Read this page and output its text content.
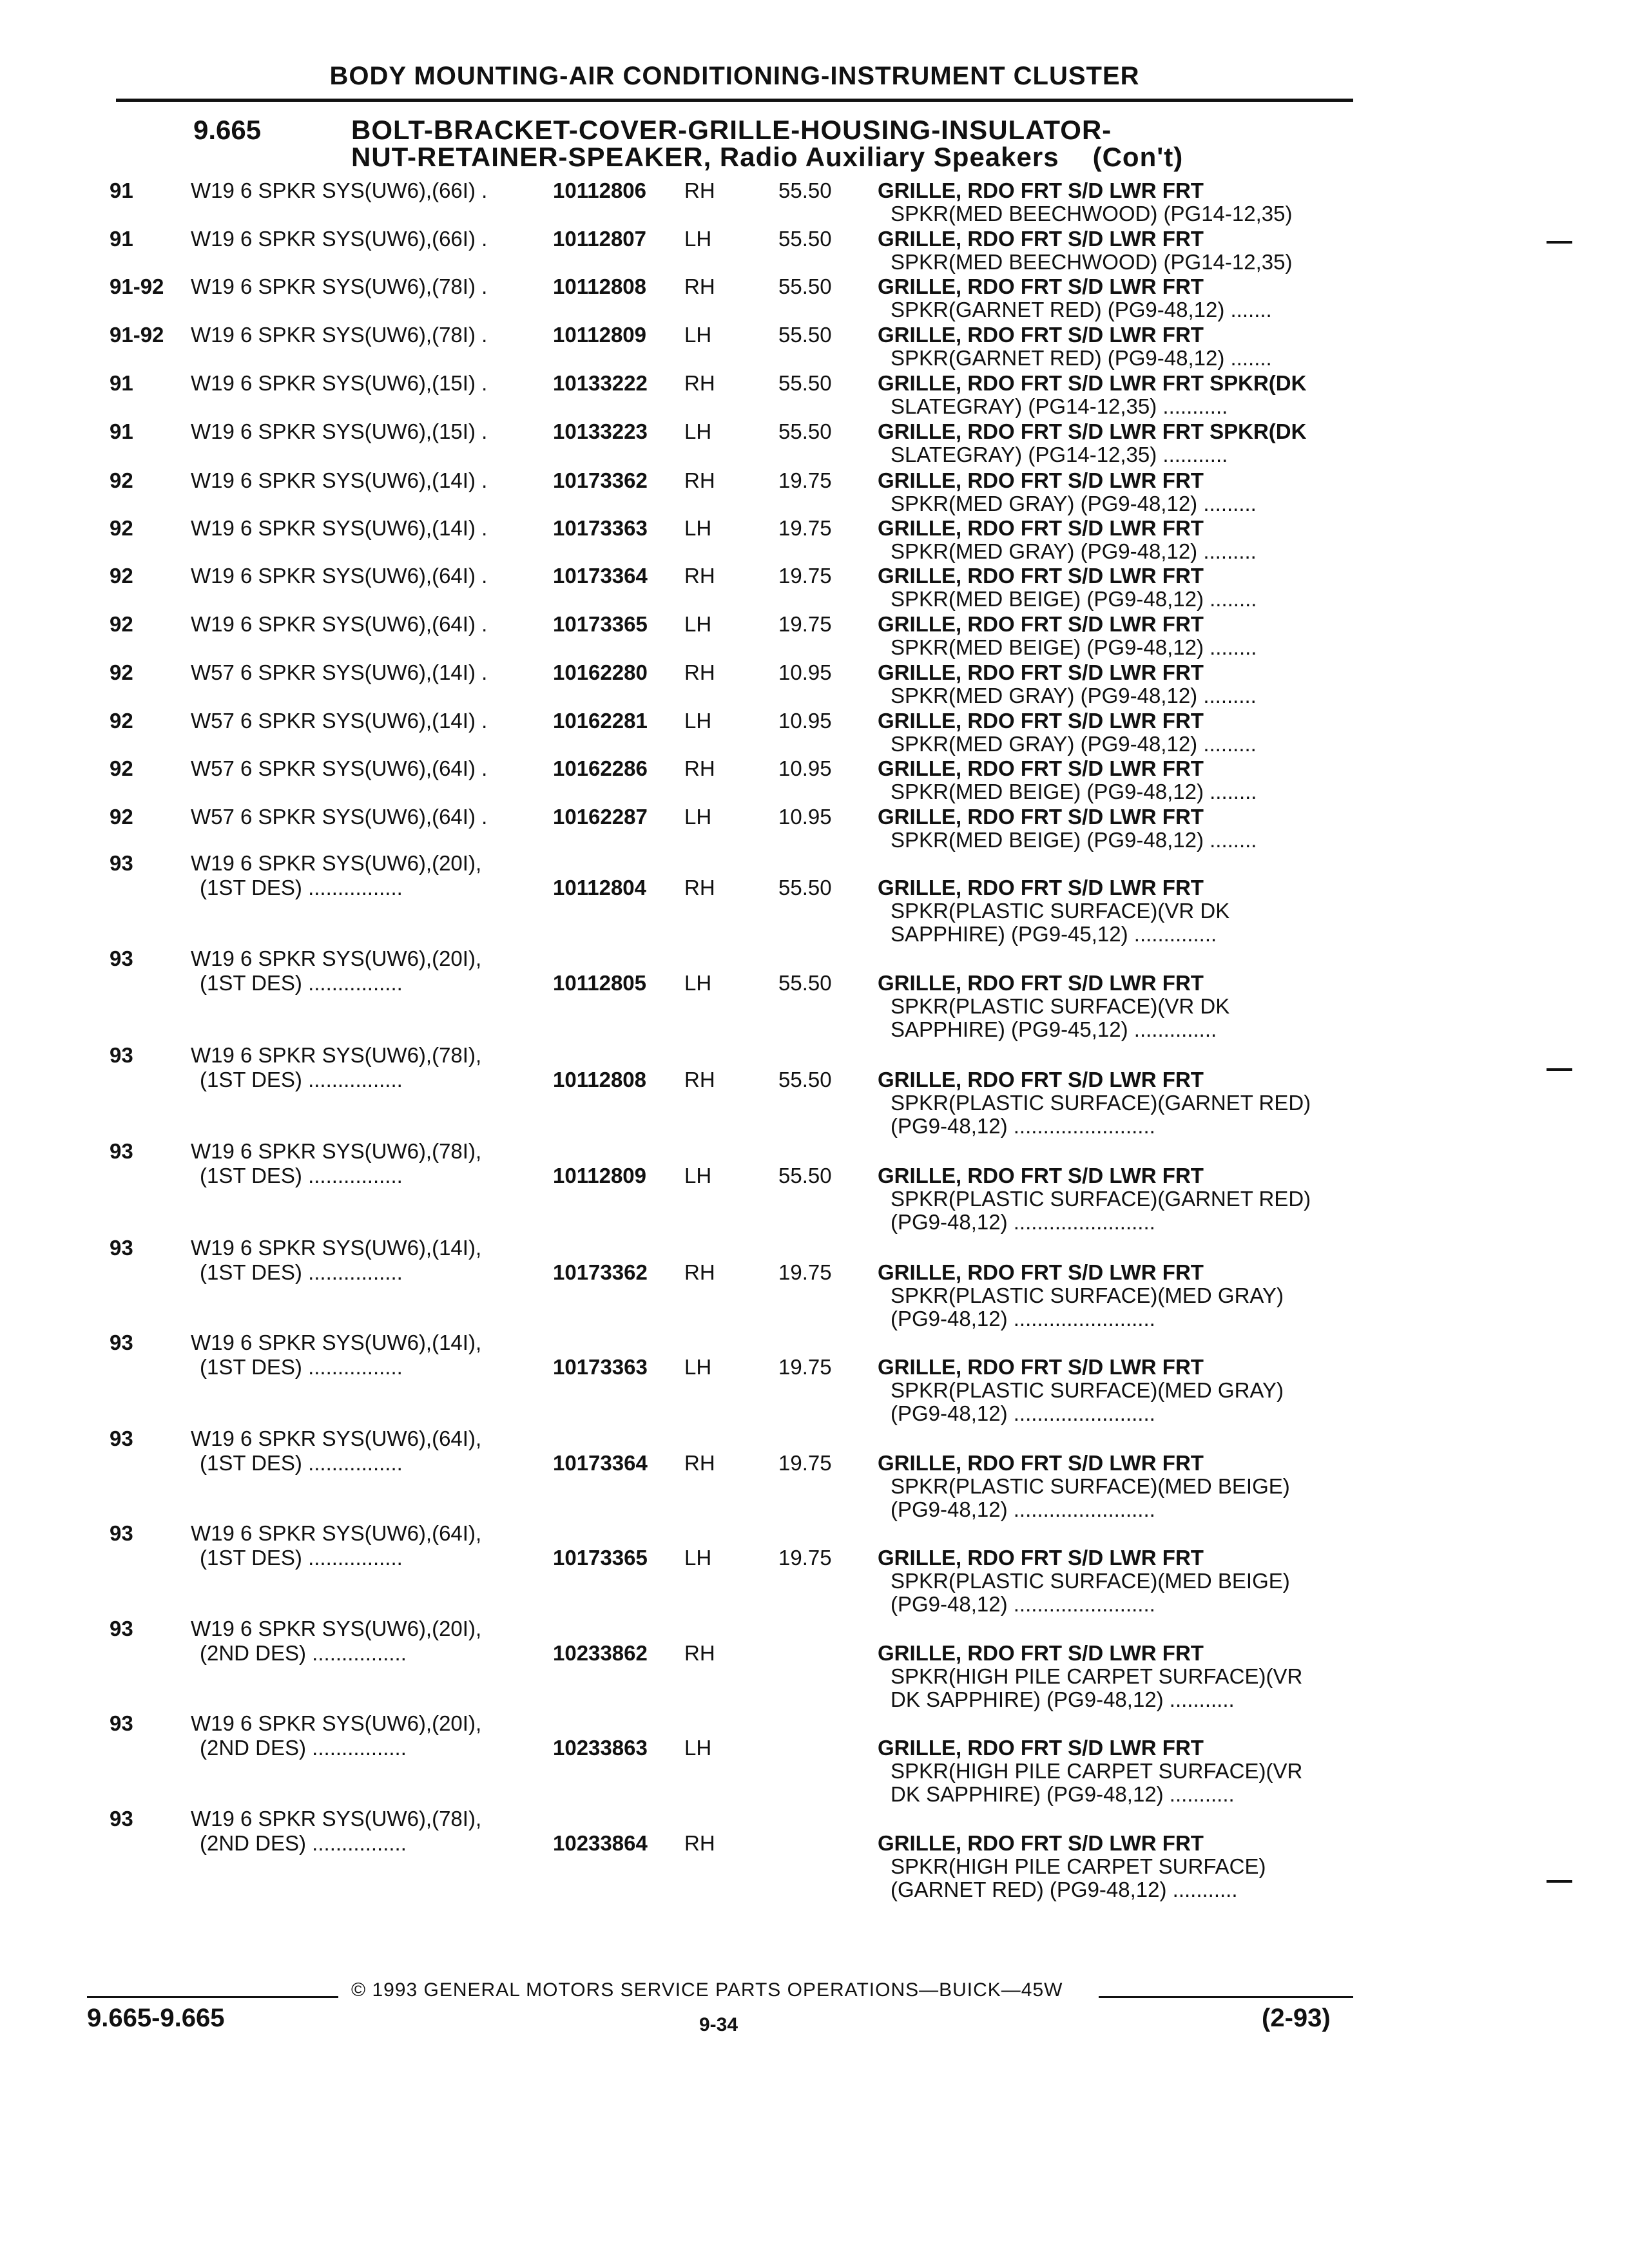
BODY MOUNTING-AIR CONDITIONING-INSTRUMENT CLUSTER
9.665	BOLT-BRACKET-COVER-GRILLE-HOUSING-INSULATOR-
NUT-RETAINER-SPEAKER, Radio Auxiliary Speakers (Con't)
91	W19 6 SPKR SYS(UW6),(66I) .	10112806 RH	55.50 GRILLE, RDO FRT S/D LWR FRT
SPKR(MED BEECHWOOD) (PG14-12,35)
91	W19 6 SPKR SYS(UW6),(66I) .	10112807 LH	55.50 GRILLE, RDO FRT S/D LWR FRT
SPKR(MED BEECHWOOD) (PG14-12,35)
91-92 W19 6 SPKR SYS(UW6),(78I) .	10112808 RH	55.50 GRILLE, RDO FRT S/D LWR FRT
SPKR(GARNET RED) (PG9-48,12) .......
91-92 W19 6 SPKR SYS(UW6),(78I) .	10112809 LH	55.50 GRILLE, RDO FRT S/D LWR FRT
SPKR(GARNET RED) (PG9-48,12) .......
91	W19 6 SPKR SYS(UW6),(15I) .	10133222 RH	55.50 GRILLE, RDO FRT S/D LWR FRT SPKR(DK
SLATEGRAY) (PG14-12,35) ...........
91	W19 6 SPKR SYS(UW6),(15I) .	10133223 LH	55.50 GRILLE, RDO FRT S/D LWR FRT SPKR(DK
SLATEGRAY) (PG14-12,35) ...........
92	W19 6 SPKR SYS(UW6),(14I) .	10173362 RH	19.75 GRILLE, RDO FRT S/D LWR FRT
SPKR(MED GRAY) (PG9-48,12) .........
92	W19 6 SPKR SYS(UW6),(14I) .	10173363 LH	19.75 GRILLE, RDO FRT S/D LWR FRT
SPKR(MED GRAY) (PG9-48,12) .........
92	W19 6 SPKR SYS(UW6),(64I) .	10173364 RH	19.75 GRILLE, RDO FRT S/D LWR FRT
SPKR(MED BEIGE) (PG9-48,12) ........
92	W19 6 SPKR SYS(UW6),(64I) .	10173365 LH	19.75 GRILLE, RDO FRT S/D LWR FRT
SPKR(MED BEIGE) (PG9-48,12) ........
92	W57 6 SPKR SYS(UW6),(14I) .	10162280 RH	10.95 GRILLE, RDO FRT S/D LWR FRT
SPKR(MED GRAY) (PG9-48,12) .........
92	W57 6 SPKR SYS(UW6),(14I) .	10162281 LH	10.95 GRILLE, RDO FRT S/D LWR FRT
SPKR(MED GRAY) (PG9-48,12) .........
92	W57 6 SPKR SYS(UW6),(64I) .	10162286 RH	10.95 GRILLE, RDO FRT S/D LWR FRT
SPKR(MED BEIGE) (PG9-48,12) ........
92	W57 6 SPKR SYS(UW6),(64I) .	10162287 LH	10.95 GRILLE, RDO FRT S/D LWR FRT
SPKR(MED BEIGE) (PG9-48,12) ........
93	W19 6 SPKR SYS(UW6),(20I),
(1ST DES) ................	10112804 RH	55.50 GRILLE, RDO FRT S/D LWR FRT
SPKR(PLASTIC SURFACE)(VR DK
SAPPHIRE) (PG9-45,12) ..............
93	W19 6 SPKR SYS(UW6),(20I),
(1ST DES) ................	10112805 LH	55.50 GRILLE, RDO FRT S/D LWR FRT
SPKR(PLASTIC SURFACE)(VR DK
SAPPHIRE) (PG9-45,12) ..............
93	W19 6 SPKR SYS(UW6),(78I),
(1ST DES) ................	10112808 RH	55.50 GRILLE, RDO FRT S/D LWR FRT
SPKR(PLASTIC SURFACE)(GARNET RED)
(PG9-48,12) ........................
93	W19 6 SPKR SYS(UW6),(78I),
(1ST DES) ................	10112809 LH	55.50 GRILLE, RDO FRT S/D LWR FRT
SPKR(PLASTIC SURFACE)(GARNET RED)
(PG9-48,12) ........................
93	W19 6 SPKR SYS(UW6),(14I),
(1ST DES) ................	10173362 RH	19.75 GRILLE, RDO FRT S/D LWR FRT
SPKR(PLASTIC SURFACE)(MED GRAY)
(PG9-48,12) ........................
93	W19 6 SPKR SYS(UW6),(14I),
(1ST DES) ................	10173363 LH	19.75 GRILLE, RDO FRT S/D LWR FRT
SPKR(PLASTIC SURFACE)(MED GRAY)
(PG9-48,12) ........................
93	W19 6 SPKR SYS(UW6),(64I),
(1ST DES) ................	10173364 RH	19.75 GRILLE, RDO FRT S/D LWR FRT
SPKR(PLASTIC SURFACE)(MED BEIGE)
(PG9-48,12) ........................
93	W19 6 SPKR SYS(UW6),(64I),
(1ST DES) ................	10173365 LH	19.75 GRILLE, RDO FRT S/D LWR FRT
SPKR(PLASTIC SURFACE)(MED BEIGE)
(PG9-48,12) ........................
93	W19 6 SPKR SYS(UW6),(20I),
(2ND DES) ................	10233862 RH	GRILLE, RDO FRT S/D LWR FRT
SPKR(HIGH PILE CARPET SURFACE)(VR
DK SAPPHIRE) (PG9-48,12) ...........
93	W19 6 SPKR SYS(UW6),(20I),
(2ND DES) ................	10233863 LH	GRILLE, RDO FRT S/D LWR FRT
SPKR(HIGH PILE CARPET SURFACE)(VR
DK SAPPHIRE) (PG9-48,12) ...........
93	W19 6 SPKR SYS(UW6),(78I),
(2ND DES) ................	10233864 RH	GRILLE, RDO FRT S/D LWR FRT
SPKR(HIGH PILE CARPET SURFACE)
(GARNET RED) (PG9-48,12) ...........
© 1993 GENERAL MOTORS SERVICE PARTS OPERATIONS—BUICK—45W
9.665-9.665	9-34	(2-93)
